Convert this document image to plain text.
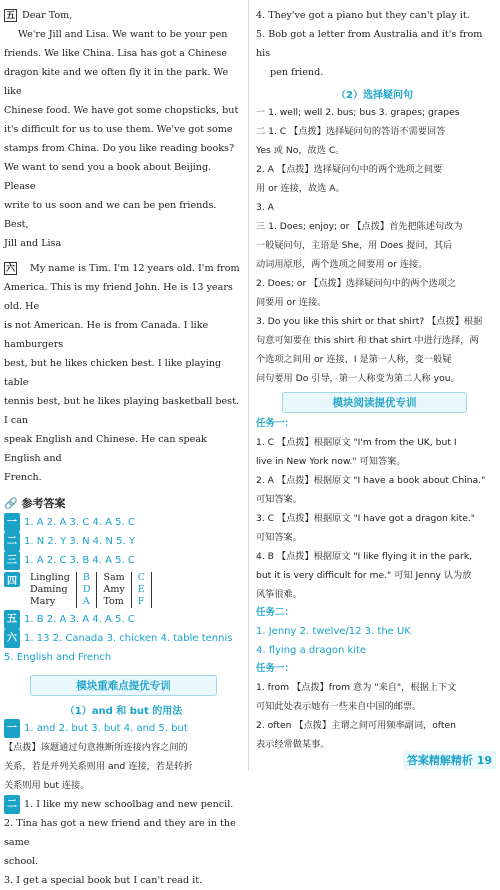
五 Dear Tom,
We're Jill and Lisa. We want to be your pen
friends. We like China. Lisa has got a Chinese
dragon kite and we often fly it in the park. We like
Chinese food. We have got some chopsticks, but
it's difficult for us to use them. We've got some
stamps from China. Do you like reading books?
We want to send you a book about Beijing. Please
write to us soon and we can be pen friends.
Best,
Jill and Lisa
六 My name is Tim. I'm 12 years old. I'm from
America. This is my friend John. He is 13 years old. He
is not American. He is from Canada. I like hamburgers
best, but he likes chicken best. I like playing table
tennis best, but he likes playing basketball best. I can
speak English and Chinese. He can speak English and
French.
🔗 参考答案
一 1. A 2. A 3. C 4. A 5. C
二 1. N 2. Y 3. N 4. N 5. Y
三 1. A 2. C 3. B 4. A 5. C
四	Lingling	B	Sam	C
Daming	D	Amy	E
Mary	A	Tom	F
五 1. B 2. A 3. A 4. A 5. C
六 1. 13 2. Canada 3. chicken 4. table tennis
5. English and French
模块重难点提优专训
（1）and 和 but 的用法
一 1. and 2. but 3. but 4. and 5. but
【点拨】该题通过句意推断所连接内容之间的
关系，若是并列关系则用 and 连接，若是转折
关系则用 but 连接。
二 1. I like my new schoolbag and new pencil.
2. Tina has got a new friend and they are in the same
school.
3. I get a special book but I can't read it.
4. They've got a piano but they can't play it.
5. Bob got a letter from Australia and it's from his
pen friend.
（2）选择疑问句
一 1. well; well 2. bus; bus 3. grapes; grapes
二 1. C 【点拨】选择疑问句的答语不需要回答
Yes 或 No，故选 C。
2. A 【点拨】选择疑问句中的两个选项之间要
用 or 连接，故选 A。
3. A
三 1. Does; enjoy; or 【点拨】首先把陈述句改为
一般疑问句，主语是 She，用 Does 提问，其后
动词用原形，两个选项之间要用 or 连接。
2. Does; or 【点拨】选择疑问句中的两个选项之
间要用 or 连接。
3. Do you like this shirt or that shirt? 【点拨】根据
句意可知要在 this shirt 和 that shirt 中进行选择，两
个选项之间用 or 连接，I 是第一人称，变一般疑
问句要用 Do 引导，第一人称变为第二人称 you。
模块阅读提优专训
任务一：
1. C 【点拨】根据原文 "I'm from the UK, but I
live in New York now." 可知答案。
2. A 【点拨】根据原文 "I have a book about China."
可知答案。
3. C 【点拨】根据原文 "I have got a dragon kite."
可知答案。
4. B 【点拨】根据原文 "I like flying it in the park,
but it is very difficult for me." 可知 Jenny 认为放
风筝很难。
任务二：
1. Jenny 2. twelve/12 3. the UK
4. flying a dragon kite
任务一：
1. from 【点拨】from 意为 "来自"，根据上下文
可知此处表示她有一些来自中国的邮票。
2. often 【点拨】主谓之间可用频率副词，often
表示经常做某事。
答案精解精析 19
